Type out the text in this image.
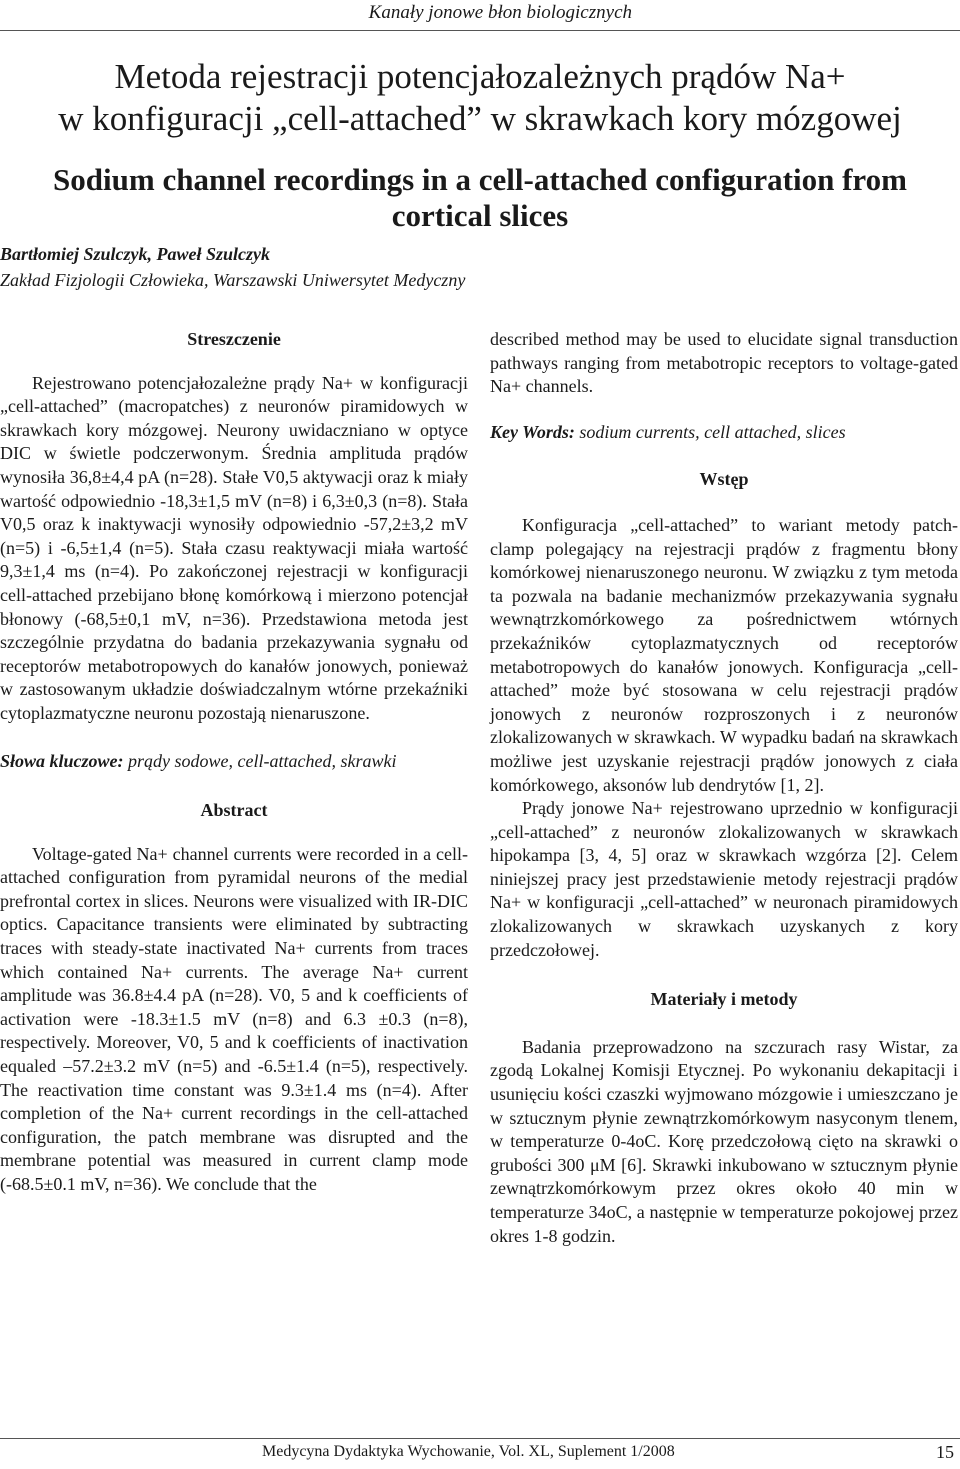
Kanały jonowe błon biologicznych
Metoda rejestracji potencjałozależnych prądów Na+
w konfiguracji „cell-attached” w skrawkach kory mózgowej
Sodium channel recordings in a cell-attached configuration from
cortical slices
Bartłomiej Szulczyk, Paweł Szulczyk
Zakład Fizjologii Człowieka, Warszawski Uniwersytet Medyczny

Streszczenie

Rejestrowano potencjałozależne prądy Na+ w konfiguracji „cell-attached” (macropatches) z neuronów piramidowych w skrawkach kory mózgowej. Neurony uwidaczniano w optyce DIC w świetle podczerwonym. Średnia amplituda prądów wynosiła 36,8±4,4 pA (n=28). Stałe V0,5 aktywacji oraz k miały wartość odpowiednio -18,3±1,5 mV (n=8) i 6,3±0,3 (n=8). Stała V0,5 oraz k inaktywacji wynosiły odpowiednio -57,2±3,2 mV (n=5) i -6,5±1,4 (n=5). Stała czasu reaktywacji miała wartość 9,3±1,4 ms (n=4). Po zakończonej rejestracji w konfiguracji cell-attached przebijano błonę komórkową i mierzono potencjał błonowy (-68,5±0,1 mV, n=36). Przedstawiona metoda jest szczególnie przydatna do badania przekazywania sygnału od receptorów metabotropowych do kanałów jonowych, ponieważ w zastosowanym układzie doświadczalnym wtórne przekaźniki cytoplazmatyczne neuronu pozostają nienaruszone.

Słowa kluczowe: prądy sodowe, cell-attached, skrawki

Abstract

Voltage-gated Na+ channel currents were recorded in a cell-attached configuration from pyramidal neurons of the medial prefrontal cortex in slices. Neurons were visualized with IR-DIC optics. Capacitance transients were eliminated by subtracting traces with steady-state inactivated Na+ currents from traces which contained Na+ currents. The average Na+ current amplitude was 36.8±4.4 pA (n=28). V0, 5 and k coefficients of activation were -18.3±1.5 mV (n=8) and 6.3 ±0.3 (n=8), respectively. Moreover, V0, 5 and k coefficients of inactivation equaled –57.2±3.2 mV (n=5) and -6.5±1.4 (n=5), respectively. The reactivation time constant was 9.3±1.4 ms (n=4). After completion of the Na+ current recordings in the cell-attached configuration, the patch membrane was disrupted and the membrane potential was measured in current clamp mode (-68.5±0.1 mV, n=36). We conclude that the

described method may be used to elucidate signal transduction pathways ranging from metabotropic receptors to voltage-gated Na+ channels.

Key Words: sodium currents, cell attached, slices

Wstęp

Konfiguracja „cell-attached” to wariant metody patch-clamp polegający na rejestracji prądów z fragmentu błony komórkowej nienaruszonego neuronu. W związku z tym metoda ta pozwala na badanie mechanizmów przekazywania sygnału wewnątrzkomórkowego za pośrednictwem wtórnych przekaźników cytoplazmatycznych od receptorów metabotropowych do kanałów jonowych. Konfiguracja „cell-attached” może być stosowana w celu rejestracji prądów jonowych z neuronów rozproszonych i z neuronów zlokalizowanych w skrawkach. W wypadku badań na skrawkach możliwe jest uzyskanie rejestracji prądów jonowych z ciała komórkowego, aksonów lub dendrytów [1, 2].

Prądy jonowe Na+ rejestrowano uprzednio w konfiguracji „cell-attached” z neuronów zlokalizowanych w skrawkach hipokampa [3, 4, 5] oraz w skrawkach wzgórza [2]. Celem niniejszej pracy jest przedstawienie metody rejestracji prądów Na+ w konfiguracji „cell-attached” w neuronach piramidowych zlokalizowanych w skrawkach uzyskanych z kory przedczołowej.

Materiały i metody

Badania przeprowadzono na szczurach rasy Wistar, za zgodą Lokalnej Komisji Etycznej. Po wykonaniu dekapitacji i usunięciu kości czaszki wyjmowano mózgowie i umieszczano je w sztucznym płynie zewnątrzkomórkowym nasyconym tlenem, w temperaturze 0-4oC. Korę przedczołową cięto na skrawki o grubości 300 μM [6]. Skrawki inkubowano w sztucznym płynie zewnątrzkomórkowym przez okres około 40 min w temperaturze 34oC, a następnie w temperaturze pokojowej przez okres 1-8 godzin.

Medycyna Dydaktyka Wychowanie, Vol. XL, Suplement 1/2008	15
